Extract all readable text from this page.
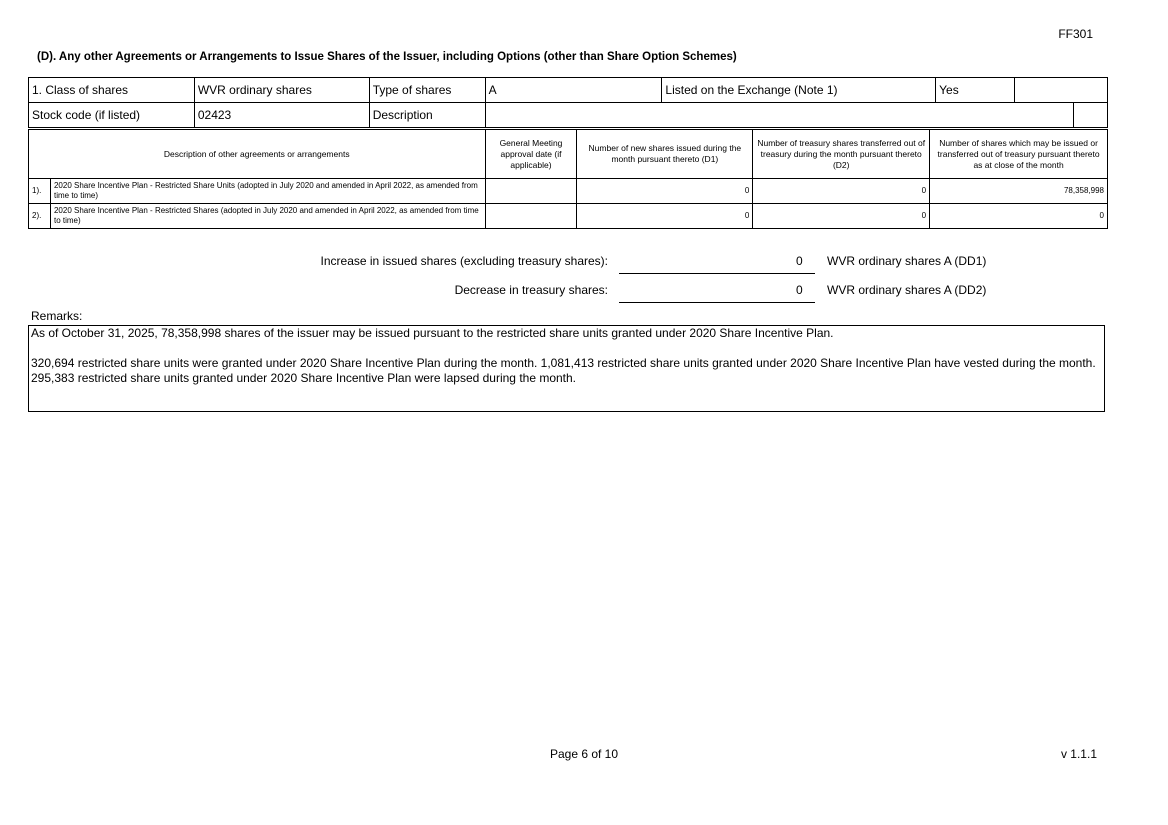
FF301
(D). Any other Agreements or Arrangements to Issue Shares of the Issuer, including Options (other than Share Option Schemes)
1. Class of shares	WVR ordinary shares	Type of shares	A	Listed on the Exchange (Note 1)	Yes		
Stock code (if listed)	02423	Description					
Description of other agreements or arrangements		General Meeting approval date (if applicable)	Number of new shares issued during the month pursuant thereto (D1)	Number of treasury shares transferred out of treasury during the month pursuant thereto (D2)	Number of shares which may be issued or transferred out of treasury pursuant thereto as at close of the month
1).	2020 Share Incentive Plan - Restricted Share Units (adopted in July 2020 and amended in April 2022, as amended from time to time)		0	0	78,358,998
2).	2020 Share Incentive Plan - Restricted Shares (adopted in July 2020 and amended in April 2022, as amended from time to time)		0	0	0
Increase in issued shares (excluding treasury shares):	0 WVR ordinary shares A (DD1)
Decrease in treasury shares:	0 WVR ordinary shares A (DD2)
Remarks:
As of October 31, 2025, 78,358,998 shares of the issuer may be issued pursuant to the restricted share units granted under 2020 Share Incentive Plan.
320,694 restricted share units were granted under 2020 Share Incentive Plan during the month. 1,081,413 restricted share units granted under 2020 Share Incentive Plan have vested during the month. 295,383 restricted share units granted under 2020 Share Incentive Plan were lapsed during the month.
Page 6 of 10	v 1.1.1
